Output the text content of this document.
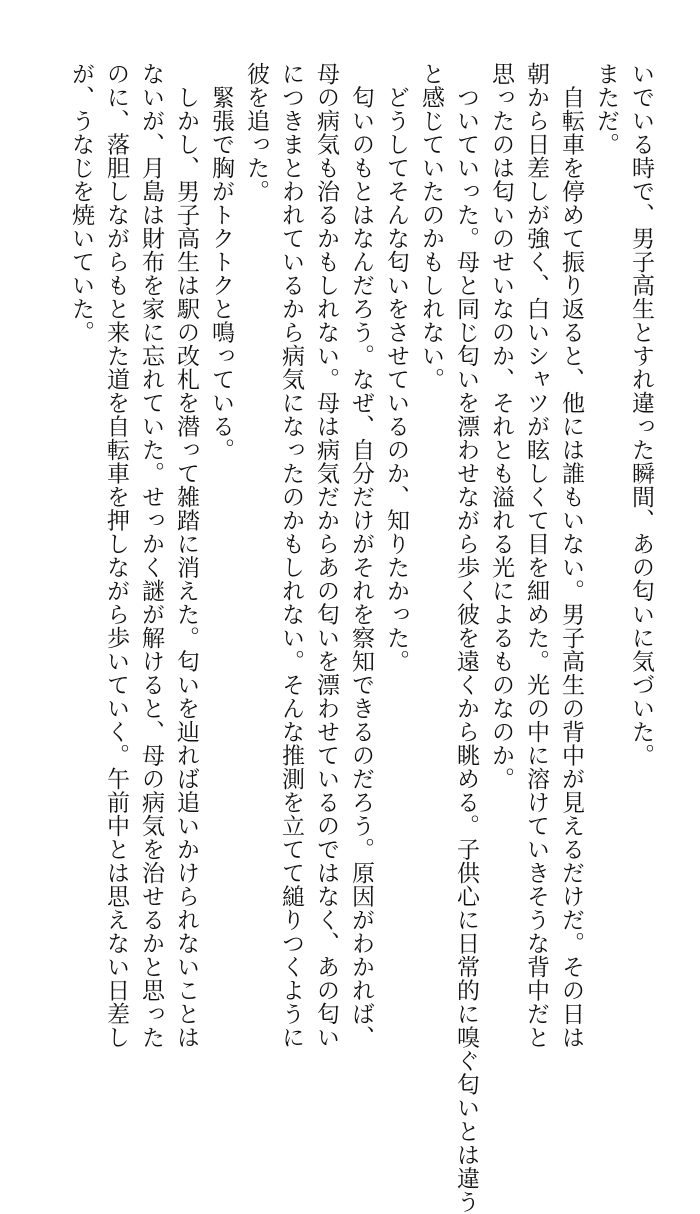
いでいる時で、男子高生とすれ違った瞬間、あの匂いに気づいた。
まただ。
　自転車を停めて振り返ると、他には誰もいない。男子高生の背中が見えるだけだ。その日は
朝から日差しが強く、白いシャツが眩しくて目を細めた。光の中に溶けていきそうな背中だと
思ったのは匂いのせいなのか、それとも溢れる光によるものなのか。
　ついていった。母と同じ匂いを漂わせながら歩く彼を遠くから眺める。子供心に日常的に嗅ぐ匂いとは違う
と感じていたのかもしれない。
　どうしてそんな匂いをさせているのか、知りたかった。
　匂いのもとはなんだろう。なぜ、自分だけがそれを察知できるのだろう。原因がわかれば、
母の病気も治るかもしれない。母は病気だからあの匂いを漂わせているのではなく、あの匂い
につきまとわれているから病気になったのかもしれない。そんな推測を立てて縋りつくように
彼を追った。
　緊張で胸がトクトクと鳴っている。
　しかし、男子高生は駅の改札を潜って雑踏に消えた。匂いを辿れば追いかけられないことは
ないが、月島は財布を家に忘れていた。せっかく謎が解けると、母の病気を治せるかと思った
のに、落胆しながらもと来た道を自転車を押しながら歩いていく。午前中とは思えない日差し
が、うなじを焼いていた。
